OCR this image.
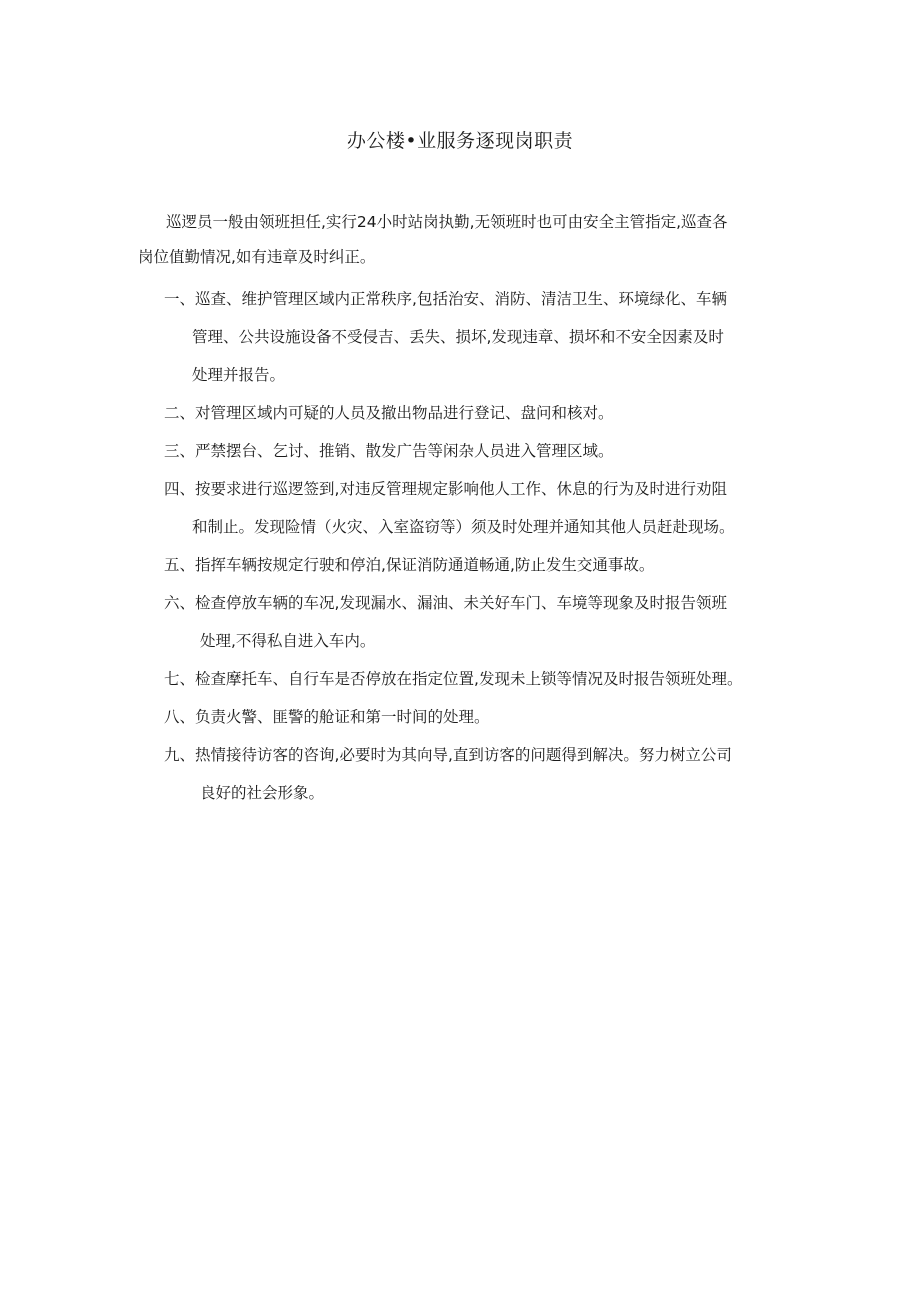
办公楼•业服务逐现岗职责

巡逻员一般由领班担任,实行24小时站岗执勤,无领班时也可由安全主管指定,巡查各
岗位值勤情况,如有违章及时纠正。

一、巡查、维护管理区域内正常秩序,包括治安、消防、清洁卫生、环境绿化、车辆
管理、公共设施设备不受侵吉、丢失、损坏,发现违章、损坏和不安全因素及时
处理并报告。
二、对管理区域内可疑的人员及撤出物品进行登记、盘问和核对。
三、严禁摆台、乞讨、推销、散发广告等闲杂人员进入管理区域。
四、按要求进行巡逻签到,对违反管理规定影响他人工作、休息的行为及时进行劝阻
和制止。发现险情（火灾、入室盗窃等）须及时处理并通知其他人员赶赴现场。
五、指挥车辆按规定行驶和停泊,保证消防通道畅通,防止发生交通事故。
六、检查停放车辆的车况,发现漏水、漏油、未关好车门、车境等现象及时报告领班
处理,不得私自进入车内。
七、检查摩托车、自行车是否停放在指定位置,发现未上锁等情况及时报告领班处理。
八、负责火警、匪警的舱证和第一时间的处理。
九、热情接待访客的咨询,必要时为其向导,直到访客的问题得到解决。努力树立公司
良好的社会形象。
